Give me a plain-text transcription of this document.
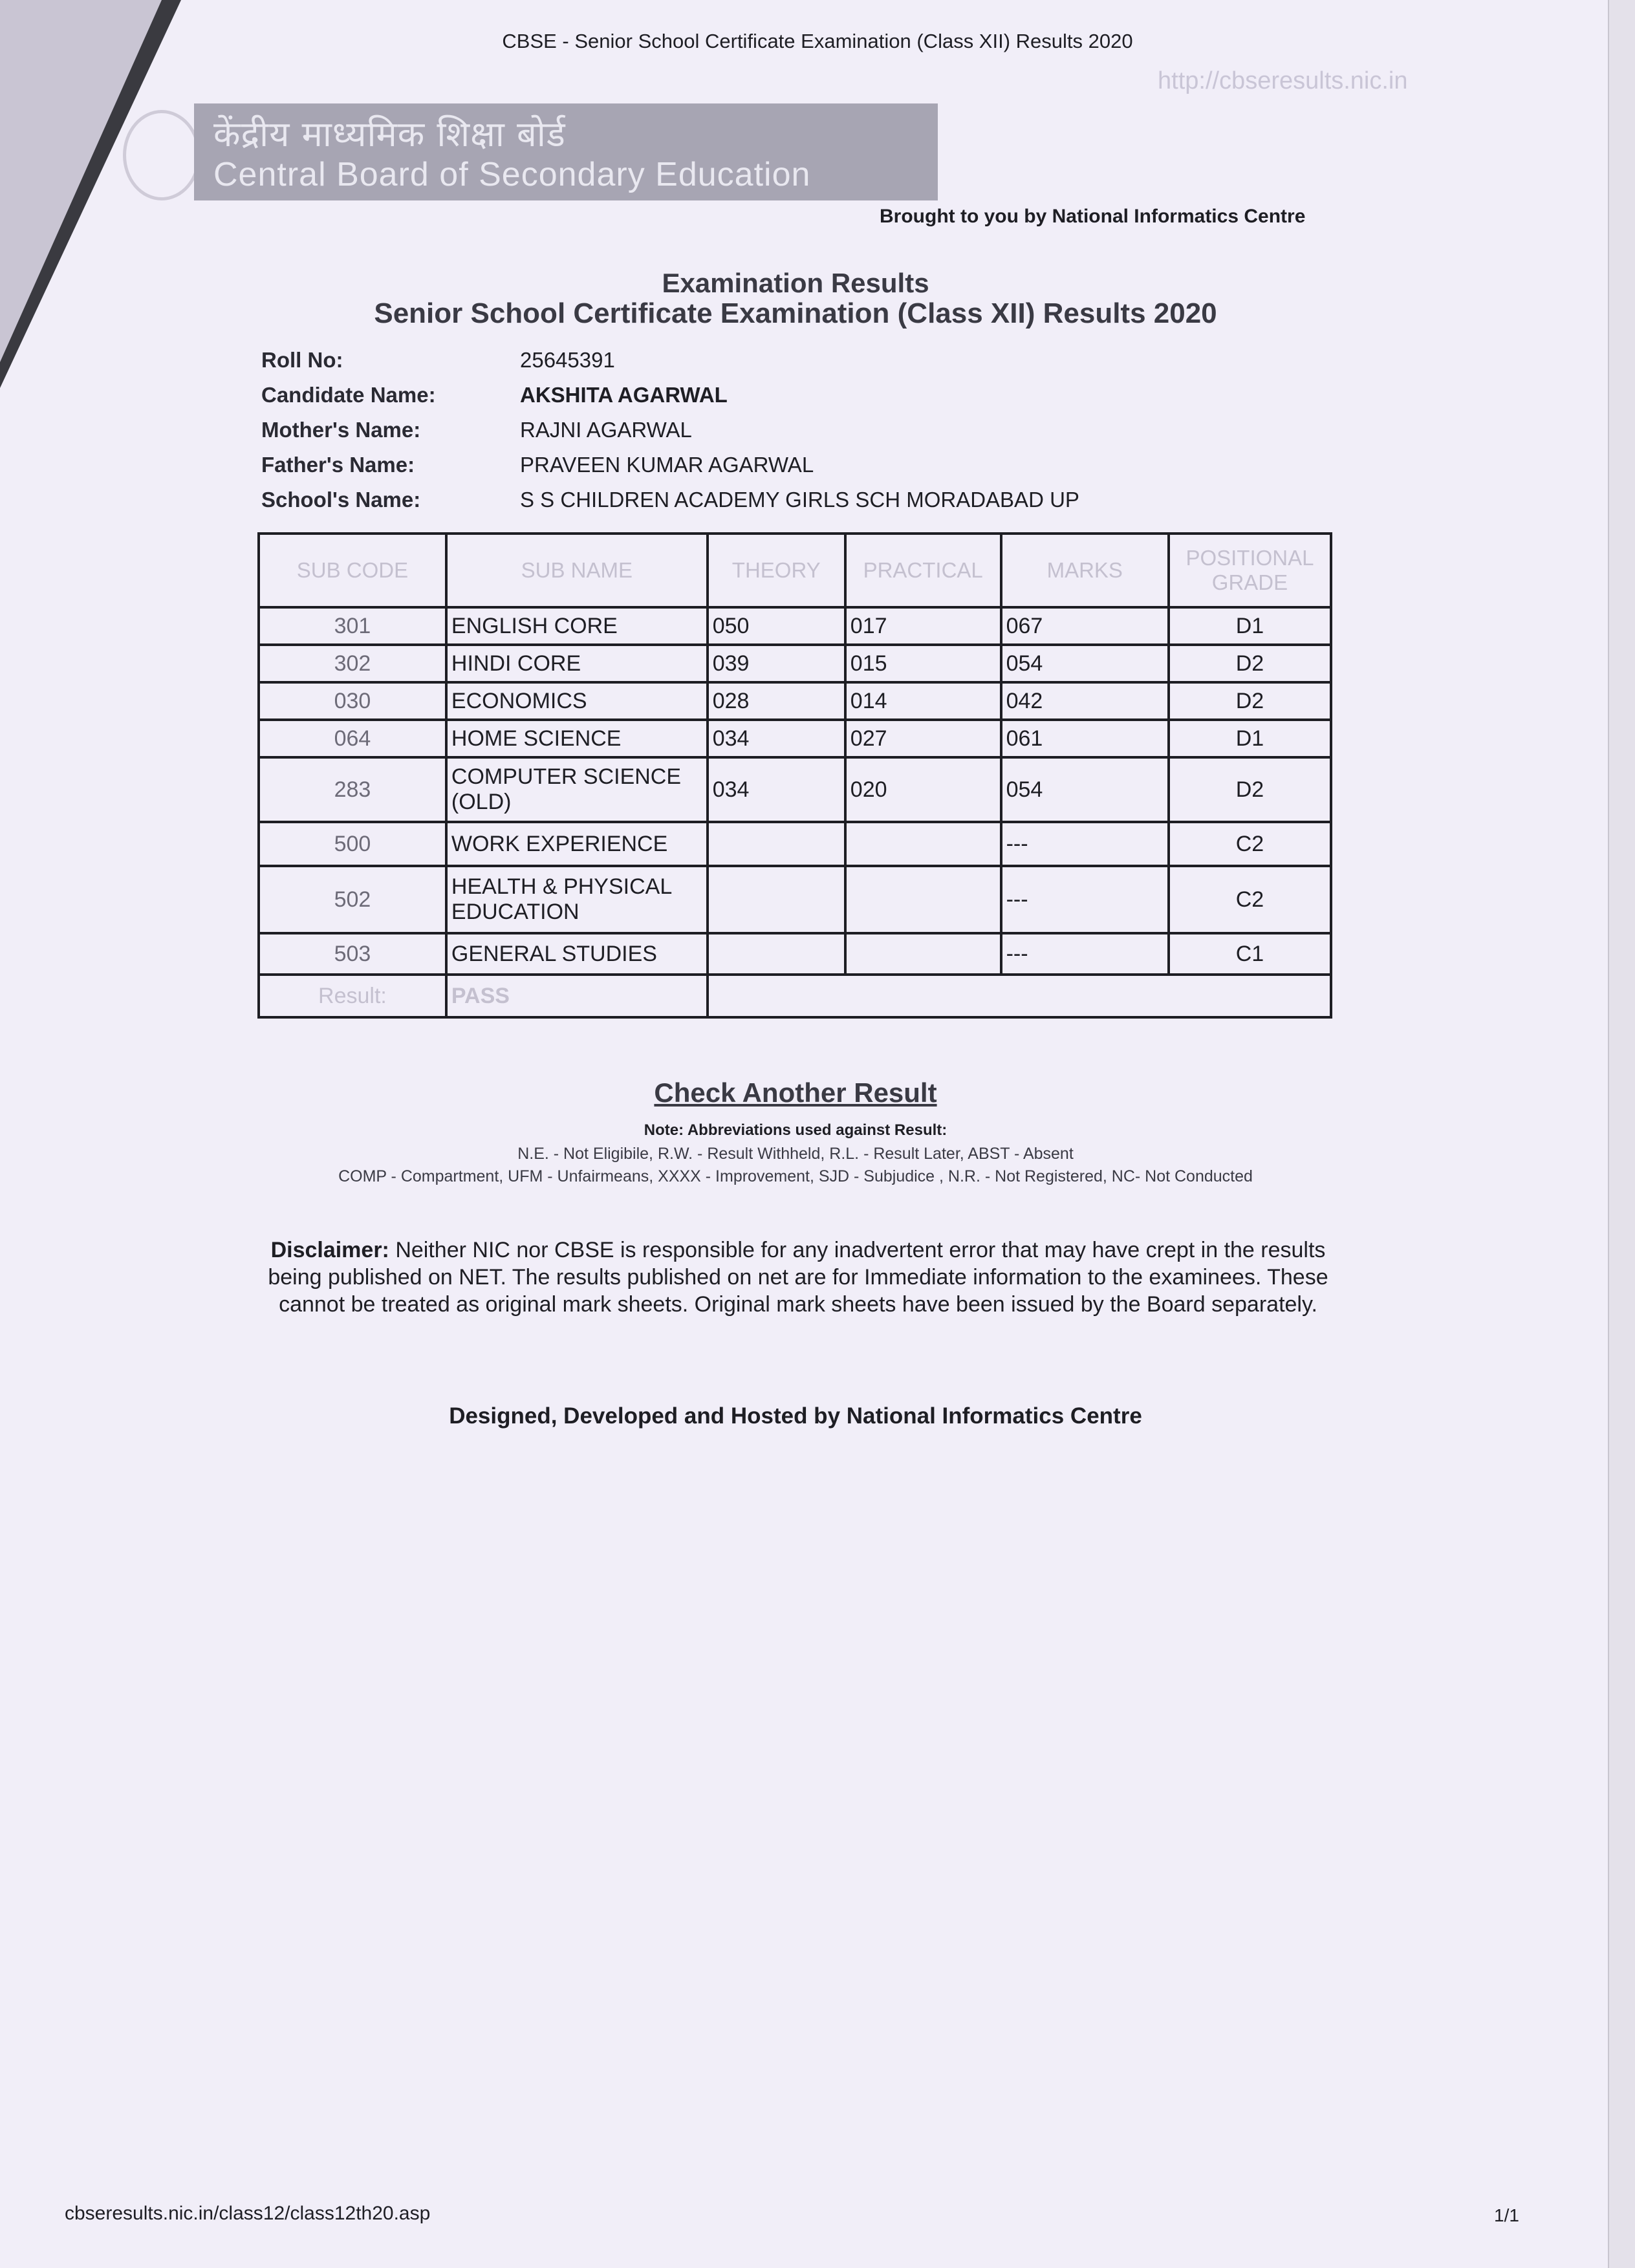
CBSE - Senior School Certificate Examination (Class XII) Results 2020
http://cbseresults.nic.in
केंद्रीय माध्यमिक शिक्षा बोर्ड
Central Board of Secondary Education
Brought to you by National Informatics Centre
Examination Results
Senior School Certificate Examination (Class XII) Results 2020
Roll No:	25645391
Candidate Name:	AKSHITA AGARWAL
Mother's Name:	RAJNI AGARWAL
Father's Name:	PRAVEEN KUMAR AGARWAL
School's Name:	S S CHILDREN ACADEMY GIRLS SCH MORADABAD UP
SUB CODE	SUB NAME	THEORY	PRACTICAL	MARKS	POSITIONAL GRADE
301	ENGLISH CORE	050	017	067	D1
302	HINDI CORE	039	015	054	D2
030	ECONOMICS	028	014	042	D2
064	HOME SCIENCE	034	027	061	D1
283	COMPUTER SCIENCE (OLD)	034	020	054	D2
500	WORK EXPERIENCE			---	C2
502	HEALTH & PHYSICAL EDUCATION			---	C2
503	GENERAL STUDIES			---	C1
Result:	PASS				
Check Another Result
Note: Abbreviations used against Result:
N.E. - Not Eligibile, R.W. - Result Withheld, R.L. - Result Later, ABST - Absent
COMP - Compartment, UFM - Unfairmeans, XXXX - Improvement, SJD - Subjudice , N.R. - Not Registered, NC- Not Conducted
Disclaimer: Neither NIC nor CBSE is responsible for any inadvertent error that may have crept in the results being published on NET. The results published on net are for Immediate information to the examinees. These cannot be treated as original mark sheets. Original mark sheets have been issued by the Board separately.
Designed, Developed and Hosted by National Informatics Centre
cbseresults.nic.in/class12/class12th20.asp	1/1
